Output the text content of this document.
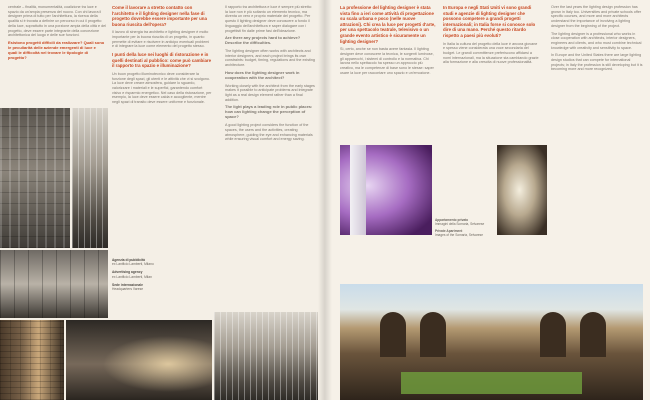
centrale – finalità, monumentalità, coalizione tra luce e spazio da un'ampia presenza del nuovo. Con chi lavora il designer prima di tutto per l'architettura, la ricerca della qualità si è trovata a definire un percorso in cui il progetto della luce, soprattutto in una porzione ampia della città e del progetto, deve essere parte integrante della concezione architettonica del luogo e delle sue funzioni.

Esistono progetti difficili da realizzare? Quali sono le peculiarità delle aziende emergenti di luce e quali le difficoltà nel trovare le tipologie di progetto?

Come il lavorare a stretto contatto con l'architetto e il lighting designer nella fase di progetto dovrebbe essere importante per una buona riuscita dell'opera?

Il lavoro di sinergia tra architetto e lighting designer è molto importante per la buona riuscita di un progetto, in quanto permette di evitare e risolvere in anticipo eventuali problemi e di integrare la luce come elemento del progetto stesso.

I punti della luce nei luoghi di ristorazione e in quelli destinati al pubblico: come può cambiare il rapporto tra spazio e illuminazione?

Un buon progetto illuminotecnico deve considerare la funzione degli spazi, gli utenti e le attività che vi si svolgono. La luce deve creare atmosfera, guidare lo sguardo, valorizzare i materiali e le superfici, garantendo comfort visivo e risparmio energetico. Nel caso della ristorazione, per esempio, la luce deve essere calda e accogliente, mentre negli spazi di transito deve essere uniforme e funzionale.

Il rapporto tra architettura e luce è sempre più stretto: la luce non è più soltanto un elemento tecnico, ma diventa un vero e proprio materiale del progetto. Per questo il lighting designer deve conoscere a fondo il linguaggio dell'architettura e saper dialogare con i progettisti fin dalle prime fasi dell'ideazione.

Are there any projects hard to achieve? Describe the difficulties.

The lighting designer often works with architects and interior designers, and each project brings its own constraints: budget, timing, regulations and the existing architecture.

How does the lighting designer work in cooperation with the architect?

Working closely with the architect from the early stages makes it possible to anticipate problems and integrate light as a real design element rather than a final addition.

The light plays a leading role in public places: how can lighting change the perception of space?

A good lighting project considers the function of the spaces, the users and the activities, creating atmosphere, guiding the eye and enhancing materials while ensuring visual comfort and energy saving.

Agenzia di pubblicità
ex Lanificio Lamberti, Milano
Advertising agency
ex Lanificio Lamberti, Milan
Sede internazionale
Headquarters Varese

La professione del lighting designer è stata vista fino a ieri come attività di progettazione su scala urbana e poco (nelle nuove attrazioni). Chi crea la luce per progetti d'arte, per una spettacolo teatrale, televisivo o un grande evento artistico è sicuramente un lighting designer?

Sì, certo, anche se non basta avere fantasia. Il lighting designer deve conoscere la tecnica, le sorgenti luminose, gli apparecchi, i sistemi di controllo e la normativa. Chi lavora nello spettacolo ha spesso un approccio più creativo, ma le competenze di base sono le stesse: saper usare la luce per raccontare uno spazio e un'emozione.

In Europa e negli Stati Uniti vi sono grandi studi e agenzie di lighting designer che possono competere a grandi progetti internazionali; in Italia forse si conosce solo dire di una mano. Perché questo ritardo rispetto a paesi più evoluti?

In Italia la cultura del progetto della luce è ancora giovane e spesso viene considerata una voce secondaria del budget. Le grandi committenze preferiscono affidarsi a nomi internazionali, ma la situazione sta cambiando grazie alla formazione e alla crescita di nuove professionalità.

Over the last years the lighting design profession has grown in Italy too. Universities and private schools offer specific courses, and more and more architects understand the importance of involving a lighting designer from the beginning of the project.

The lighting designer is a professional who works in close cooperation with architects, interior designers, engineers and clients, and who must combine technical knowledge with creativity and sensitivity to space.

In Europe and the United States there are large lighting design studios that can compete for international projects; in Italy the profession is still developing but it is becoming more and more recognized.

Appartamento privato
Immagini della Somaria, Selvarese
Private Apartment
Images of the Somaria, Selvarese
